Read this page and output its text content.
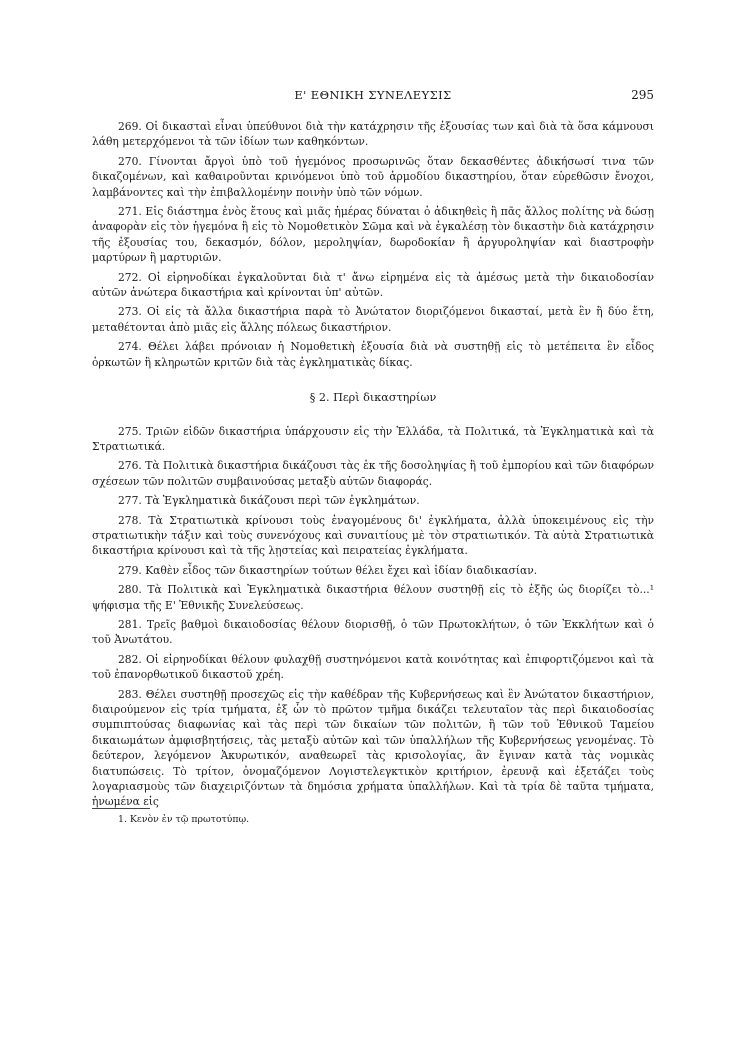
Ε' ΕΘΝΙΚΗ ΣΥΝΕΛΕΥΣΙΣ	295

269. Οἱ δικασταὶ εἶναι ὑπεύθυνοι διὰ τὴν κατάχρησιν τῆς ἐξουσίας των καὶ διὰ τὰ ὅσα κάμνουσι λάθη μετερχόμενοι τὰ τῶν ἰδίων των καθηκόντων.

270. Γίνονται ἄργοὶ ὑπὸ τοῦ ἡγεμόνος προσωρινῶς ὅταν δεκασθέντες ἀδικήσωσί τινα τῶν δικαζομένων, καὶ καθαιροῦνται κρινόμενοι ὑπὸ τοῦ ἁρμοδίου δικαστηρίου, ὅταν εὑρεθῶσιν ἔνοχοι, λαμβάνοντες καὶ τὴν ἐπιβαλλομένην ποινὴν ὑπὸ τῶν νόμων.

271. Εἰς διάστημα ἑνὸς ἔτους καὶ μιᾶς ἡμέρας δύναται ὁ ἀδικηθεὶς ἢ πᾶς ἄλλος πολίτης νὰ δώσῃ ἀναφορὰν εἰς τὸν ἡγεμόνα ἢ εἰς τὸ Νομοθετικὸν Σῶμα καὶ νὰ ἐγκαλέσῃ τὸν δικαστὴν διὰ κατάχρησιν τῆς ἐξουσίας του, δεκασμόν, δόλον, μεροληψίαν, δωροδοκίαν ἢ ἀργυροληψίαν καὶ διαστροφὴν μαρτύρων ἢ μαρτυριῶν.

272. Οἱ εἰρηνοδίκαι ἐγκαλοῦνται διὰ τ' ἄνω εἰρημένα εἰς τὰ ἀμέσως μετὰ τὴν δικαιοδοσίαν αὐτῶν ἀνώτερα δικαστήρια καὶ κρίνονται ὑπ' αὐτῶν.

273. Οἱ εἰς τὰ ἄλλα δικαστήρια παρὰ τὸ Ἀνώτατον διοριζόμενοι δικασταί, μετὰ ἓν ἢ δύο ἔτη, μεταθέτονται ἀπὸ μιᾶς εἰς ἄλλης πόλεως δικαστήριον.

274. Θέλει λάβει πρόνοιαν ἡ Νομοθετικὴ ἐξουσία διὰ νὰ συστηθῇ εἰς τὸ μετέπειτα ἓν εἶδος ὁρκωτῶν ἢ κληρωτῶν κριτῶν διὰ τὰς ἐγκληματικὰς δίκας.

§ 2. Περὶ δικαστηρίων

275. Τριῶν εἰδῶν δικαστήρια ὑπάρχουσιν εἰς τὴν Ἑλλάδα, τὰ Πολιτικά, τὰ Ἐγκληματικὰ καὶ τὰ Στρατιωτικά.

276. Τὰ Πολιτικὰ δικαστήρια δικάζουσι τὰς ἐκ τῆς δοσοληψίας ἢ τοῦ ἐμπορίου καὶ τῶν διαφόρων σχέσεων τῶν πολιτῶν συμβαινούσας μεταξὺ αὐτῶν διαφοράς.

277. Τὰ Ἐγκληματικὰ δικάζουσι περὶ τῶν ἐγκλημάτων.

278. Τὰ Στρατιωτικὰ κρίνουσι τοὺς ἐναγομένους δι' ἐγκλήματα, ἀλλὰ ὑποκειμένους εἰς τὴν στρατιωτικὴν τάξιν καὶ τοὺς συνενόχους καὶ συναιτίους μὲ τὸν στρατιωτικόν. Τὰ αὐτὰ Στρατιωτικὰ δικαστήρια κρίνουσι καὶ τὰ τῆς λῃστείας καὶ πειρατείας ἐγκλήματα.

279. Καθὲν εἶδος τῶν δικαστηρίων τούτων θέλει ἔχει καὶ ἰδίαν διαδικασίαν.

280. Τὰ Πολιτικὰ καὶ Ἐγκληματικὰ δικαστήρια θέλουν συστηθῇ εἰς τὸ ἑξῆς ὡς διορίζει τὸ...¹ ψήφισμα τῆς Ε' Ἐθνικῆς Συνελεύσεως.

281. Τρεῖς βαθμοὶ δικαιοδοσίας θέλουν διορισθῇ, ὁ τῶν Πρωτοκλήτων, ὁ τῶν Ἐκκλήτων καὶ ὁ τοῦ Ἀνωτάτου.

282. Οἱ εἰρηνοδίκαι θέλουν φυλαχθῇ συστηνόμενοι κατὰ κοινότητας καὶ ἐπιφορτιζόμενοι καὶ τὰ τοῦ ἐπανορθωτικοῦ δικαστοῦ χρέη.

283. Θέλει συστηθῇ προσεχῶς εἰς τὴν καθέδραν τῆς Κυβερνήσεως καὶ ἓν Ἀνώτατον δικαστήριον, διαιρούμενον εἰς τρία τμήματα, ἐξ ὧν τὸ πρῶτον τμῆμα δικάζει τελευταῖον τὰς περὶ δικαιοδοσίας συμπιπτούσας διαφωνίας καὶ τὰς περὶ τῶν δικαίων τῶν πολιτῶν, ἢ τῶν τοῦ Ἐθνικοῦ Ταμείου δικαιωμάτων ἀμφισβητήσεις, τὰς μεταξὺ αὐτῶν καὶ τῶν ὑπαλλήλων τῆς Κυβερνήσεως γενομένας. Τὸ δεύτερον, λεγόμενον Ἀκυρωτικόν, αναθεωρεῖ τὰς κρισολογίας, ἂν ἔγιναν κατὰ τὰς νομικὰς διατυπώσεις. Τὸ τρίτον, ὀνομαζόμενον Λογιστελεγκτικὸν κριτήριον, ἐρευνᾷ καὶ ἐξετάζει τοὺς λογαριασμοὺς τῶν διαχειριζόντων τὰ δημόσια χρήματα ὑπαλλήλων. Καὶ τὰ τρία δὲ ταῦτα τμήματα, ἡνωμένα εἰς

1. Κενὸν ἐν τῷ πρωτοτύπῳ.
